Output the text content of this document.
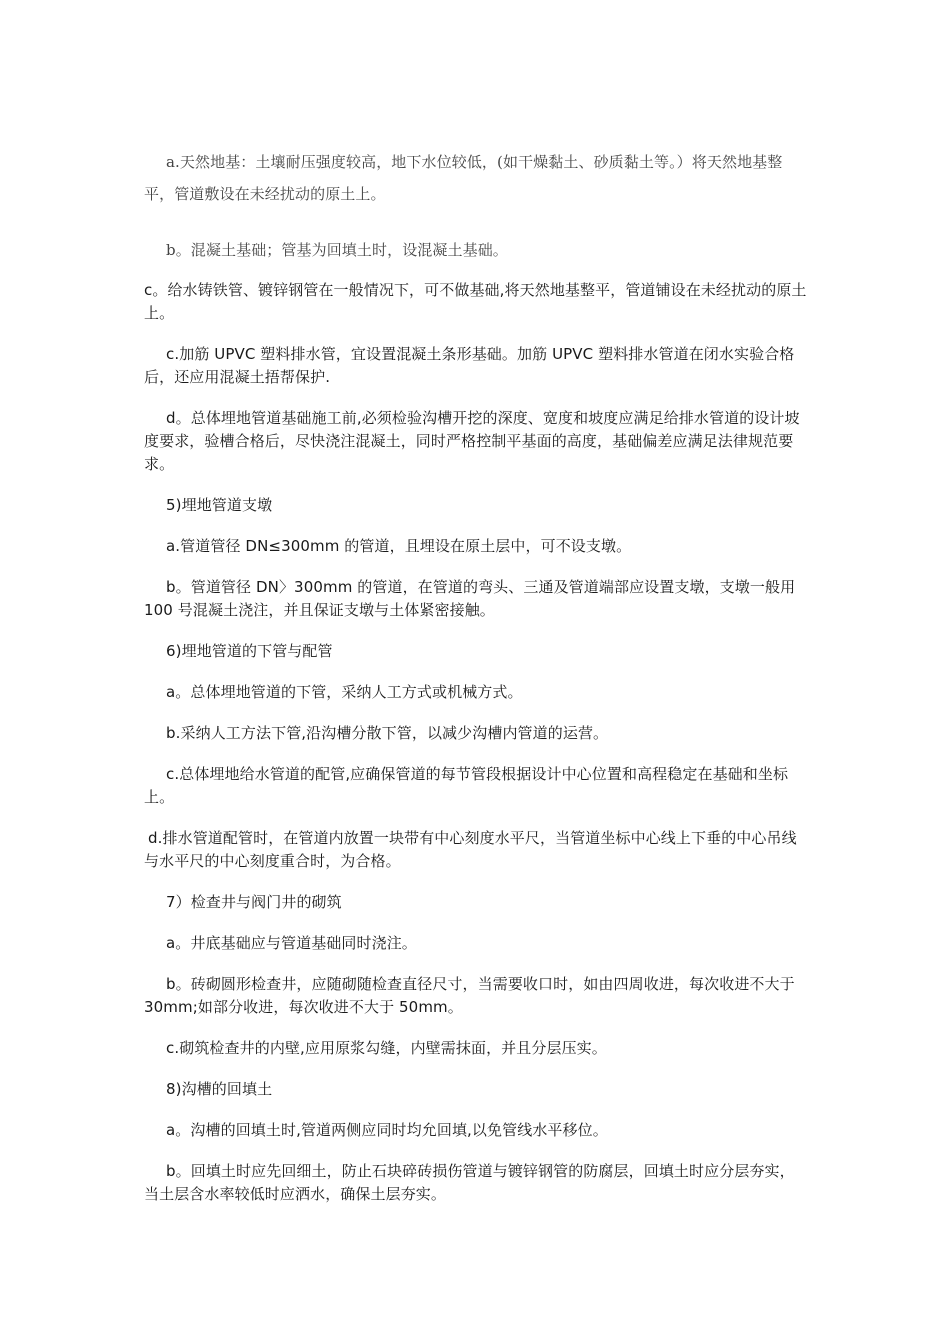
a.天然地基：土壤耐压强度较高，地下水位较低，(如干燥黏土、砂质黏土等。）将天然地基整平，管道敷设在未经扰动的原土上。

b。混凝土基础；管基为回填土时，设混凝土基础。

c。给水铸铁管、镀锌钢管在一般情况下，可不做基础,将天然地基整平，管道铺设在未经扰动的原土上。

c.加筋 UPVC 塑料排水管，宜设置混凝土条形基础。加筋 UPVC 塑料排水管道在闭水实验合格后，还应用混凝土捂帮保护.

d。总体埋地管道基础施工前,必须检验沟槽开挖的深度、宽度和坡度应满足给排水管道的设计坡度要求，验槽合格后，尽快浇注混凝土，同时严格控制平基面的高度，基础偏差应满足法律规范要求。

5)埋地管道支墩

a.管道管径 DN≤300mm 的管道，且埋设在原土层中，可不设支墩。

b。管道管径 DN〉300mm 的管道，在管道的弯头、三通及管道端部应设置支墩，支墩一般用 100 号混凝土浇注，并且保证支墩与土体紧密接触。

6)埋地管道的下管与配管

a。总体埋地管道的下管，采纳人工方式或机械方式。

b.采纳人工方法下管,沿沟槽分散下管，以减少沟槽内管道的运营。

c.总体埋地给水管道的配管,应确保管道的每节管段根据设计中心位置和高程稳定在基础和坐标上。

d.排水管道配管时，在管道内放置一块带有中心刻度水平尺，当管道坐标中心线上下垂的中心吊线与水平尺的中心刻度重合时，为合格。

7）检查井与阀门井的砌筑

a。井底基础应与管道基础同时浇注。

b。砖砌圆形检查井，应随砌随检查直径尺寸，当需要收口时，如由四周收进，每次收进不大于 30mm;如部分收进，每次收进不大于 50mm。

c.砌筑检查井的内壁,应用原浆勾缝，内壁需抹面，并且分层压实。

8)沟槽的回填土

a。沟槽的回填土时,管道两侧应同时均允回填,以免管线水平移位。

b。回填土时应先回细土，防止石块碎砖损伤管道与镀锌钢管的防腐层，回填土时应分层夯实，当土层含水率较低时应洒水，确保土层夯实。
